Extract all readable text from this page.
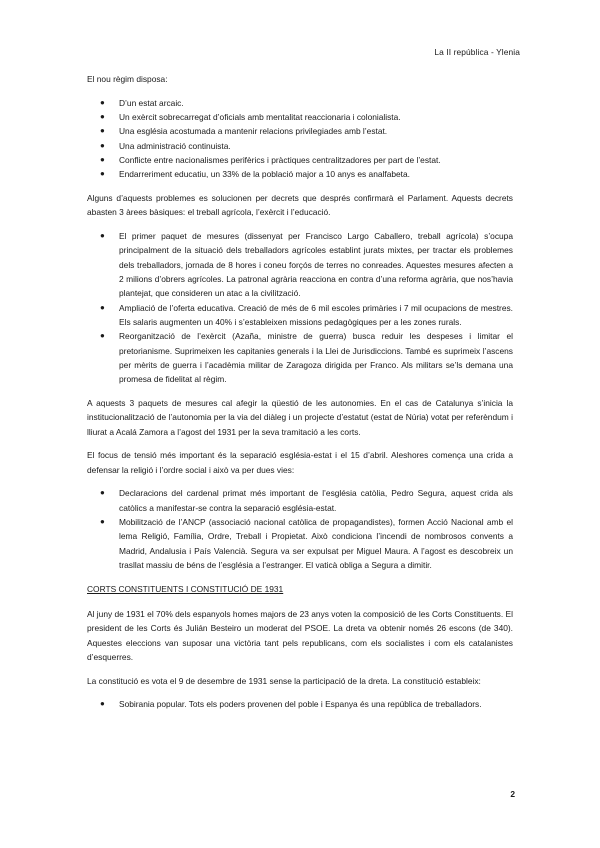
La II república - Ylenia

El nou règim disposa:

● D’un estat arcaic.
● Un exèrcit sobrecarregat d’oficials amb mentalitat reaccionaria i colonialista.
● Una església acostumada a mantenir relacions privilegiades amb l’estat.
● Una administració continuista.
● Conflicte entre nacionalismes perifèrics i pràctiques centralitzadores per part de l’estat.
● Endarreriment educatiu, un 33% de la població major a 10 anys es analfabeta.

Alguns d’aquests problemes es solucionen per decrets que després confirmarà el Parlament. Aquests decrets abasten 3 àrees bàsiques: el treball agrícola, l’exèrcit i l’educació.

● El primer paquet de mesures (dissenyat per Francisco Largo Caballero, treball agrícola) s’ocupa principalment de la situació dels treballadors agrícoles establint jurats mixtes, per tractar els problemes dels treballadors, jornada de 8 hores i coneu forçós de terres no conreades. Aquestes mesures afecten a 2 milions d’obrers agrícoles. La patronal agrària reacciona en contra d’una reforma agrària, que nos’havia plantejat, que consideren un atac a la civilització.
● Ampliació de l’oferta educativa. Creació de més de 6 mil escoles primàries i 7 mil ocupacions de mestres. Els salaris augmenten un 40% i s’estableixen missions pedagògiques per a les zones rurals.
● Reorganització de l’exèrcit (Azaña, ministre de guerra) busca reduir les despeses i limitar el pretorianisme. Suprimeixen les capitanies generals i la Llei de Jurisdiccions. També es suprimeix l’ascens per mèrits de guerra i l’acadèmia militar de Zaragoza dirigida per Franco. Als militars se’ls demana una promesa de fidelitat al règim.

A aquests 3 paquets de mesures cal afegir la qüestió de les autonomies. En el cas de Catalunya s’inicia la institucionalització de l’autonomia per la via del diàleg i un projecte d’estatut (estat de Núria) votat per referèndum i lliurat a Acalá Zamora a l’agost del 1931 per la seva tramitació a les corts.

El focus de tensió més important és la separació església-estat i el 15 d’abril. Aleshores comença una crida a defensar la religió i l’ordre social i això va per dues vies:

● Declaracions del cardenal primat més important de l’església catòlia, Pedro Segura, aquest crida als catòlics a manifestar-se contra la separació església-estat.
● Mobilització de l’ANCP (associació nacional catòlica de propagandistes), formen Acció Nacional amb el lema Religió, Família, Ordre, Treball i Propietat. Això condiciona l’incendi de nombrosos convents a Madrid, Andalusia i País Valencià. Segura va ser expulsat per Miguel Maura. A l’agost es descobreix un trasllat massiu de béns de l’església a l’estranger. El vaticà obliga a Segura a dimitir.
CORTS CONSTITUENTS I CONSTITUCIÓ DE 1931

Al juny de 1931 el 70% dels espanyols homes majors de 23 anys voten la composició de les Corts Constituents. El president de les Corts és Julián Besteiro un moderat del PSOE. La dreta va obtenir només 26 escons (de 340). Aquestes eleccions van suposar una victòria tant pels republicans, com els socialistes i com els catalanistes d’esquerres.

La constitució es vota el 9 de desembre de 1931 sense la participació de la dreta. La constitució estableix:

● Sobirania popular. Tots els poders provenen del poble i Espanya és una república de treballadors.
2
